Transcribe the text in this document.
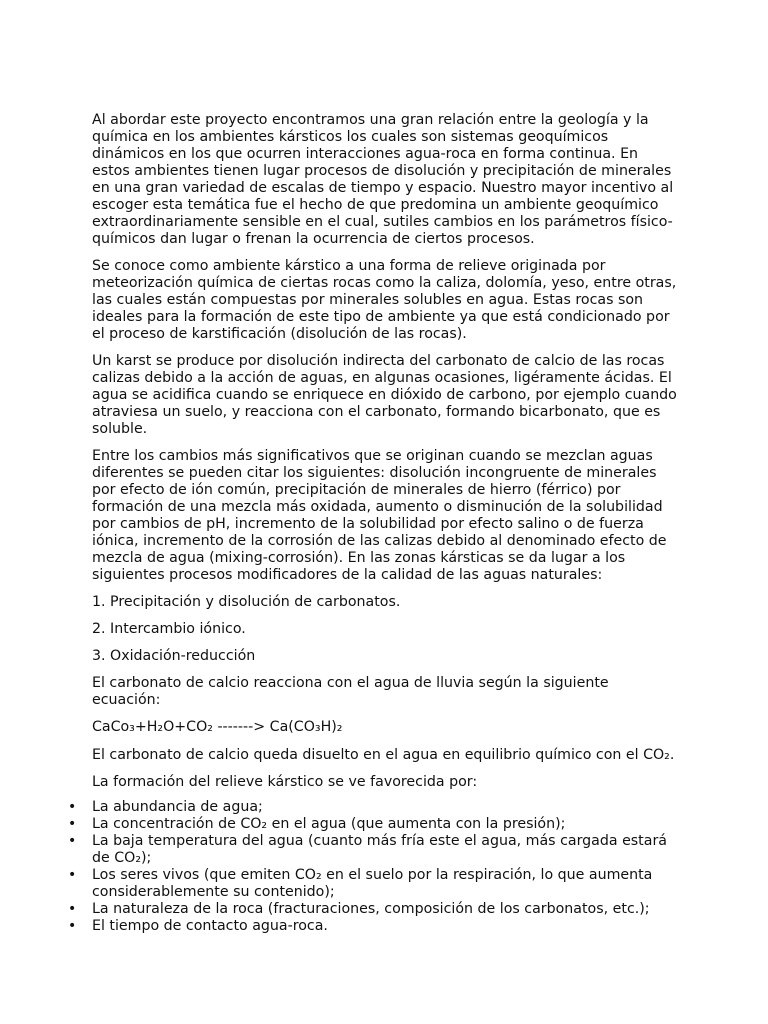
Al abordar este proyecto encontramos una gran relación entre la geología y la química en los ambientes kársticos los cuales son sistemas geoquímicos dinámicos en los que ocurren interacciones agua-roca en forma continua. En estos ambientes tienen lugar procesos de disolución y precipitación de minerales en una gran variedad de escalas de tiempo y espacio. Nuestro mayor incentivo al escoger esta temática fue el hecho de que predomina un ambiente geoquímico extraordinariamente sensible en el cual, sutiles cambios en los parámetros físico-químicos dan lugar o frenan la ocurrencia de ciertos procesos.

Se conoce como ambiente kárstico a una forma de relieve originada por meteorización química de ciertas rocas como la caliza, dolomía, yeso, entre otras, las cuales están compuestas por minerales solubles en agua. Estas rocas son ideales para la formación de este tipo de ambiente ya que está condicionado por el proceso de karstificación (disolución de las rocas).

Un karst se produce por disolución indirecta del carbonato de calcio de las rocas calizas debido a la acción de aguas, en algunas ocasiones, ligéramente ácidas. El agua se acidifica cuando se enriquece en dióxido de carbono, por ejemplo cuando atraviesa un suelo, y reacciona con el carbonato, formando bicarbonato, que es soluble.

Entre los cambios más significativos que se originan cuando se mezclan aguas diferentes se pueden citar los siguientes: disolución incongruente de minerales por efecto de ión común, precipitación de minerales de hierro (férrico) por formación de una mezcla más oxidada, aumento o disminución de la solubilidad por cambios de pH, incremento de la solubilidad por efecto salino o de fuerza iónica, incremento de la corrosión de las calizas debido al denominado efecto de mezcla de agua (mixing-corrosión). En las zonas kársticas se da lugar a los siguientes procesos modificadores de la calidad de las aguas naturales:

1. Precipitación y disolución de carbonatos.

2. Intercambio iónico.

3. Oxidación-reducción

El carbonato de calcio reacciona con el agua de lluvia según la siguiente ecuación:

CaCo₃+H₂O+CO₂ -------> Ca(CO₃H)₂

El carbonato de calcio queda disuelto en el agua en equilibrio químico con el CO₂.

La formación del relieve kárstico se ve favorecida por:

• La abundancia de agua;
• La concentración de CO₂ en el agua (que aumenta con la presión);
• La baja temperatura del agua (cuanto más fría este el agua, más cargada estará de CO₂);
• Los seres vivos (que emiten CO₂ en el suelo por la respiración, lo que aumenta considerablemente su contenido);
• La naturaleza de la roca (fracturaciones, composición de los carbonatos, etc.);
• El tiempo de contacto agua-roca.
